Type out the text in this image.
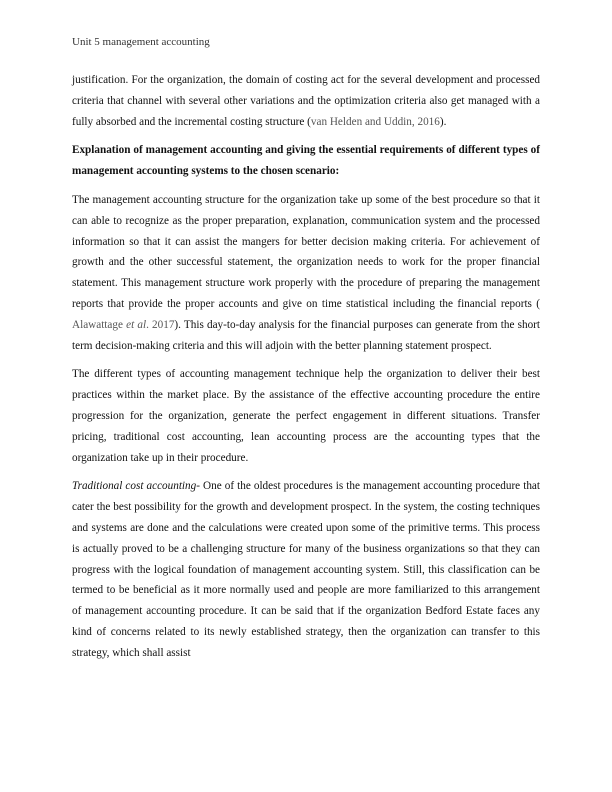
Unit 5 management accounting

justification. For the organization, the domain of costing act for the several development and processed criteria that channel with several other variations and the optimization criteria also get managed with a fully absorbed and the incremental costing structure (van Helden and Uddin, 2016).

Explanation of management accounting and giving the essential requirements of different types of management accounting systems to the chosen scenario:

The management accounting structure for the organization take up some of the best procedure so that it can able to recognize as the proper preparation, explanation, communication system and the processed information so that it can assist the mangers for better decision making criteria. For achievement of growth and the other successful statement, the organization needs to work for the proper financial statement. This management structure work properly with the procedure of preparing the management reports that provide the proper accounts and give on time statistical including the financial reports ( Alawattage et al. 2017). This day-to-day analysis for the financial purposes can generate from the short term decision-making criteria and this will adjoin with the better planning statement prospect.

The different types of accounting management technique help the organization to deliver their best practices within the market place. By the assistance of the effective accounting procedure the entire progression for the organization, generate the perfect engagement in different situations. Transfer pricing, traditional cost accounting, lean accounting process are the accounting types that the organization take up in their procedure.

Traditional cost accounting- One of the oldest procedures is the management accounting procedure that cater the best possibility for the growth and development prospect. In the system, the costing techniques and systems are done and the calculations were created upon some of the primitive terms. This process is actually proved to be a challenging structure for many of the business organizations so that they can progress with the logical foundation of management accounting system. Still, this classification can be termed to be beneficial as it more normally used and people are more familiarized to this arrangement of management accounting procedure. It can be said that if the organization Bedford Estate faces any kind of concerns related to its newly established strategy, then the organization can transfer to this strategy, which shall assist
